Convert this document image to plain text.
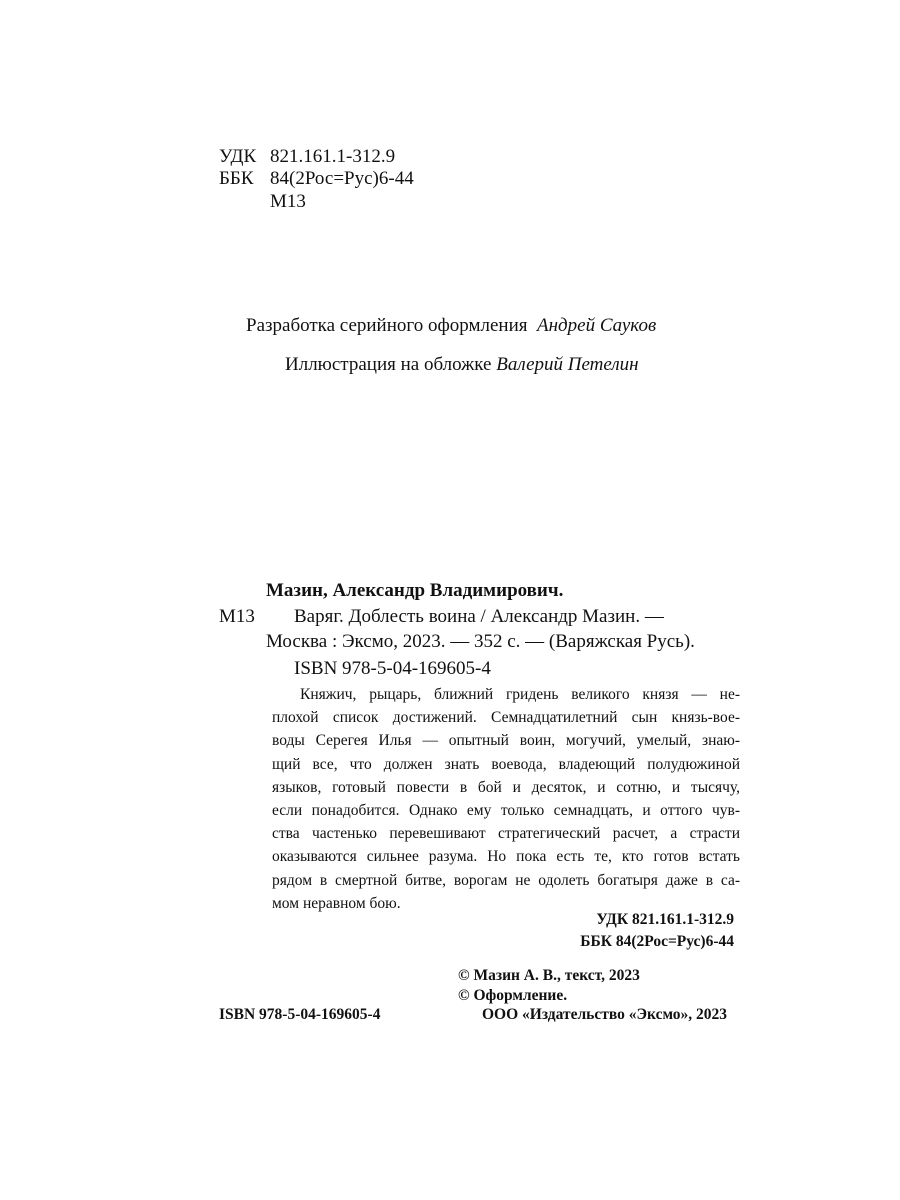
УДК 821.161.1-312.9
ББК 84(2Рос=Рус)6-44
М13
Разработка серийного оформления Андрей Сауков
Иллюстрация на обложке Валерий Петелин
Мазин, Александр Владимирович.
М13 Варяг. Доблесть воина / Александр Мазин. —
Москва : Эксмо, 2023. — 352 с. — (Варяжская Русь).
ISBN 978-5-04-169605-4
Княжич, рыцарь, ближний гридень великого князя — не-
плохой список достижений. Семнадцатилетний сын князь-вое-
воды Серегея Илья — опытный воин, могучий, умелый, знаю-
щий все, что должен знать воевода, владеющий полудюжиной
языков, готовый повести в бой и десяток, и сотню, и тысячу,
если понадобится. Однако ему только семнадцать, и оттого чув-
ства частенько перевешивают стратегический расчет, а страсти
оказываются сильнее разума. Но пока есть те, кто готов встать
рядом в смертной битве, ворогам не одолеть богатыря даже в са-
мом неравном бою.
УДК 821.161.1-312.9
ББК 84(2Рос=Рус)6-44
ISBN 978-5-04-169605-4
© Мазин А. В., текст, 2023
© Оформление.
ООО «Издательство «Эксмо», 2023
